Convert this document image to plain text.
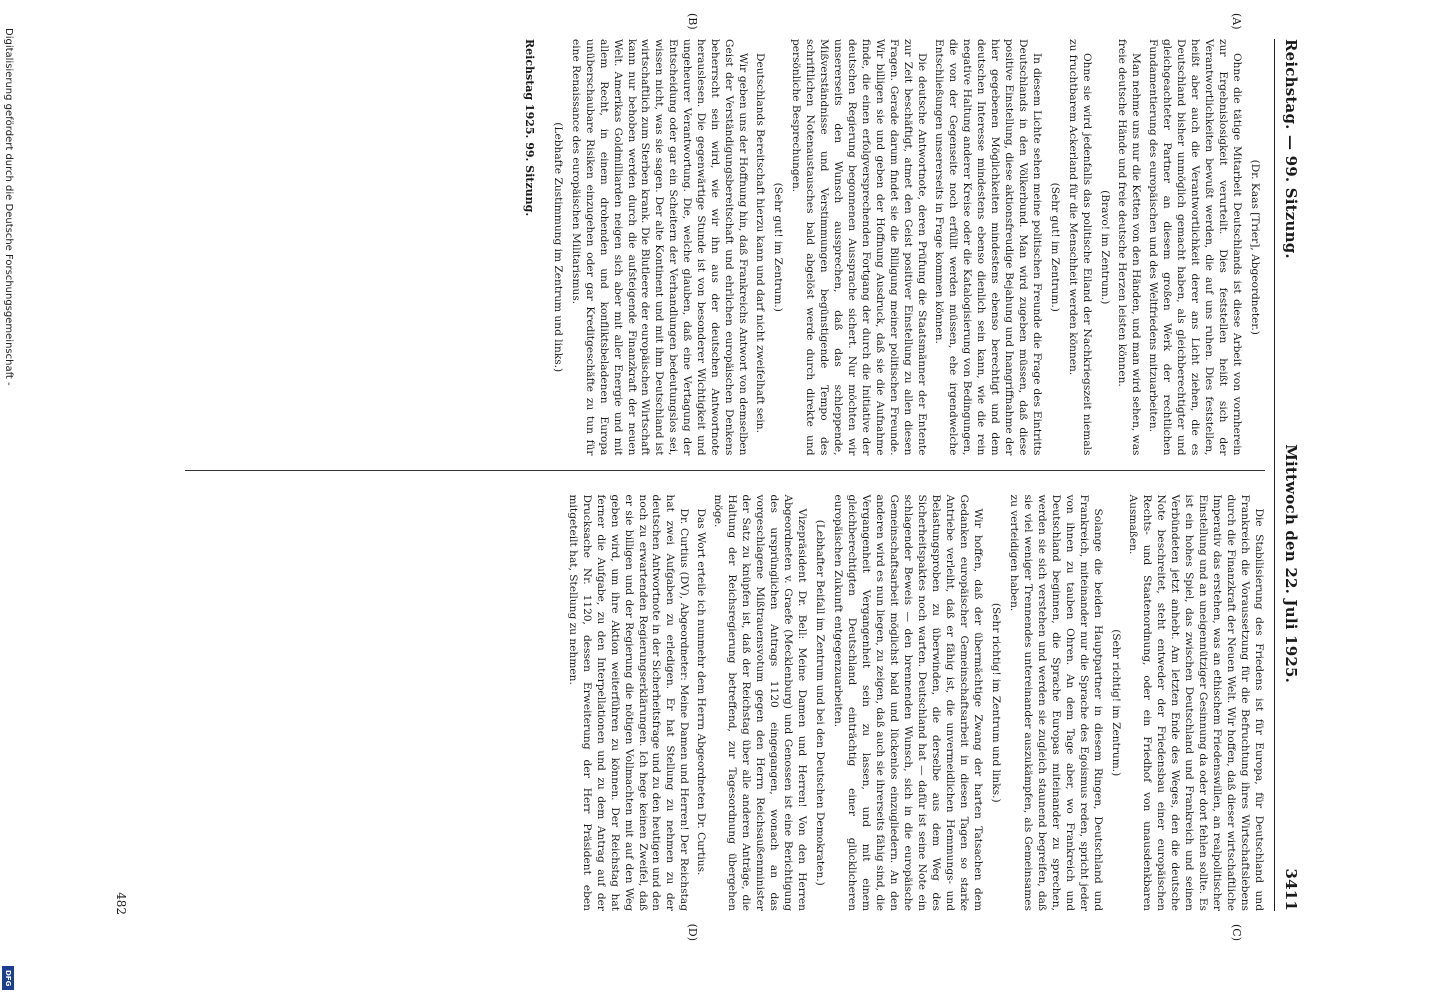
Reichstag. — 99. Sitzung.
Mittwoch den 22. Juli 1925.
3411
(A)
(B)

(Dr. Kaas [Trier], Abgeordneter.)

Ohne die tätige Mitarbeit Deutschlands ist diese Arbeit von vornherein zur Ergebnislosigkeit verurteilt. Dies feststellen heißt sich der Verantwortlichkeiten bewußt werden, die auf uns ruhen. Dies feststellen, heißt aber auch die Verantwortlichkeit derer ans Licht ziehen, die es Deutschland bisher unmöglich gemacht haben, als gleichberechtigter und gleichgeachteter Partner an diesem großen Werk der rechtlichen Fundamentierung des europäischen und des Weltfriedens mitzuarbeiten.

Man nehme uns nur die Ketten von den Händen, und man wird sehen, was freie deutsche Hände und freie deutsche Herzen leisten können.

(Bravo! im Zentrum.)

Ohne sie wird jedenfalls das politische Eiland der Nachkriegszeit niemals zu fruchtbarem Ackerland für die Menschheit werden können.

(Sehr gut! im Zentrum.)

In diesem Lichte sehen meine politischen Freunde die Frage des Eintritts Deutschlands in den Völkerbund. Man wird zugeben müssen, daß diese positive Einstellung, diese aktionsfreudige Bejahung und Inangriffnahme der hier gegebenen Möglichkeiten mindestens ebenso berechtigt und dem deutschen Interesse mindestens ebenso dienlich sein kann, wie die rein negative Haltung anderer Kreise oder die Katalogisierung von Bedingungen, die von der Gegenseite noch erfüllt werden müssen, ehe irgendwelche Entschließungen unsererseits in Frage kommen können.

Die deutsche Antwortnote, deren Prüfung die Staatsmänner der Entente zur Zeit beschäftigt, atmet den Geist positiver Einstellung zu allen diesen Fragen. Gerade darum findet sie die Billigung meiner politischen Freunde. Wir billigen sie und geben der Hoffnung Ausdruck, daß sie die Aufnahme finde, die einen erfolgversprechenden Fortgang der durch die Initiative der deutschen Regierung begonnenen Aussprache sichert. Nur möchten wir unsererseits den Wunsch aussprechen, daß das schleppende, Mißverständnisse und Verstimmungen begünstigende Tempo des schriftlichen Notenaustausches bald abgelöst werde durch direkte und persönliche Besprechungen.

(Sehr gut! im Zentrum.)

Deutschlands Bereitschaft hierzu kann und darf nicht zweifelhaft sein.

Wir geben uns der Hoffnung hin, daß Frankreichs Antwort von demselben Geist der Verständigungsbereitschaft und ehrlichen europäischen Denkens beherrscht sein wird, wie wir ihn aus der deutschen Antwortnote herauslesen. Die gegenwärtige Stunde ist von besonderer Wichtigkeit und ungeheurer Verantwortung. Die, welche glauben, daß eine Vertagung der Entscheidung oder gar ein Scheitern der Verhandlungen bedeutungslos sei, wissen nicht, was sie sagen. Der alte Kontinent und mit ihm Deutschland ist wirtschaftlich zum Sterben krank. Die Blutleere der europäischen Wirtschaft kann nur behoben werden durch die aufsteigende Finanzkraft der neuen Welt. Amerikas Goldmilliarden neigen sich aber mit aller Energie und mit allem Recht, in einem drohenden und konfliktsbeladenen Europa unüberschaubare Risiken einzugehen oder gar Kreditgeschäfte zu tun für eine Renaissance des europäischen Militarismus.

(Lebhafte Zustimmung im Zentrum und links.)

Reichstag 1925. 99. Sitzung.
(C)
(D)

Die Stabilisierung des Friedens ist für Europa, für Deutschland und Frankreich die Voraussetzung für die Befruchtung ihres Wirtschaftslebens durch die Finanzkraft der Neuen Welt. Wir hoffen, daß dieser wirtschaftliche Imperativ das erstehen, was an ethischem Friedenswillen, an realpolitischer Einstellung und an uneigennütziger Gesinnung da oder dort fehlen sollte. Es ist ein hohes Spiel, das zwischen Deutschland und Frankreich und seinen Verbündeten jetzt anhebt. Am letzten Ende des Weges, den die deutsche Note beschreitet, steht entweder der Friedensbau einer europäischen Rechts- und Staatenordnung, oder ein Friedhof von unausdenkbaren Ausmaßen.

(Sehr richtig! im Zentrum.)

Solange die beiden Hauptpartner in diesem Ringen, Deutschland und Frankreich, miteinander nur die Sprache des Egoismus reden, spricht jeder von ihnen zu tauben Ohren. An dem Tage aber, wo Frankreich und Deutschland beginnen, die Sprache Europas miteinander zu sprechen, werden sie sich verstehen und werden sie zugleich staunend begreifen, daß sie viel weniger Trennendes untereinander auszukämpfen, als Gemeinsames zu verteidigen haben.

(Sehr richtig! im Zentrum und links.)

Wir hoffen, daß der übermächtige Zwang der harten Tatsachen dem Gedanken europäischer Gemeinschaftsarbeit in diesen Tagen so starke Antriebe verleiht, daß er fähig ist, die unvermeidlichen Hemmungs- und Belastungsproben zu überwinden, die derselbe aus dem Weg des Sicherheitspaktes noch warten. Deutschland hat — dafür ist seine Note ein schlagender Beweis — den brennenden Wunsch, sich in die europäische Gemeinschaftsarbeit möglichst bald und lückenlos einzugliedern. An den anderen wird es nun liegen, zu zeigen, daß auch sie ihrerseits fähig sind, die Vergangenheit Vergangenheit sein zu lassen, und mit einem gleichberechtigten Deutschland einträchtig einer glücklicheren europäischen Zukunft entgegenzuarbeiten.

(Lebhafter Beifall im Zentrum und bei den Deutschen Demokraten.)

Vizepräsident Dr. Bell: Meine Damen und Herren! Von den Herren Abgeordneten v. Graefe (Mecklenburg) und Genossen ist eine Berichtigung des ursprünglichen Antrags 1120 eingegangen, wonach an das vorgeschlagene Mißtrauensvotum gegen den Herrn Reichsaußenminister der Satz zu knüpfen ist, daß der Reichstag über alle anderen Anträge, die Haltung der Reichsregierung betreffend, zur Tagesordnung übergehen möge.

Das Wort erteile ich nunmehr dem Herrn Abgeordneten Dr. Curtius.

Dr. Curtius (DV), Abgeordneter: Meine Damen und Herren! Der Reichstag hat zwei Aufgaben zu erledigen. Er hat Stellung zu nehmen zu der deutschen Antwortnote in der Sicherheitsfrage und zu den heutigen und den noch zu erwartenden Regierungserklärungen. Ich hege keinen Zweifel, daß er sie billigen und der Regierung die nötigen Vollmachten mit auf den Weg geben wird, um ihre Aktion weiterführen zu können. Der Reichstag hat ferner die Aufgabe, zu den Interpellationen und zu dem Antrag auf der Drucksache Nr. 1120, dessen Erweiterung der Herr Präsident eben mitgeteilt hat, Stellung zu nehmen.

482
Digitalisierung gefördert durch die Deutsche Forschungsgemeinschaft -
DFG
